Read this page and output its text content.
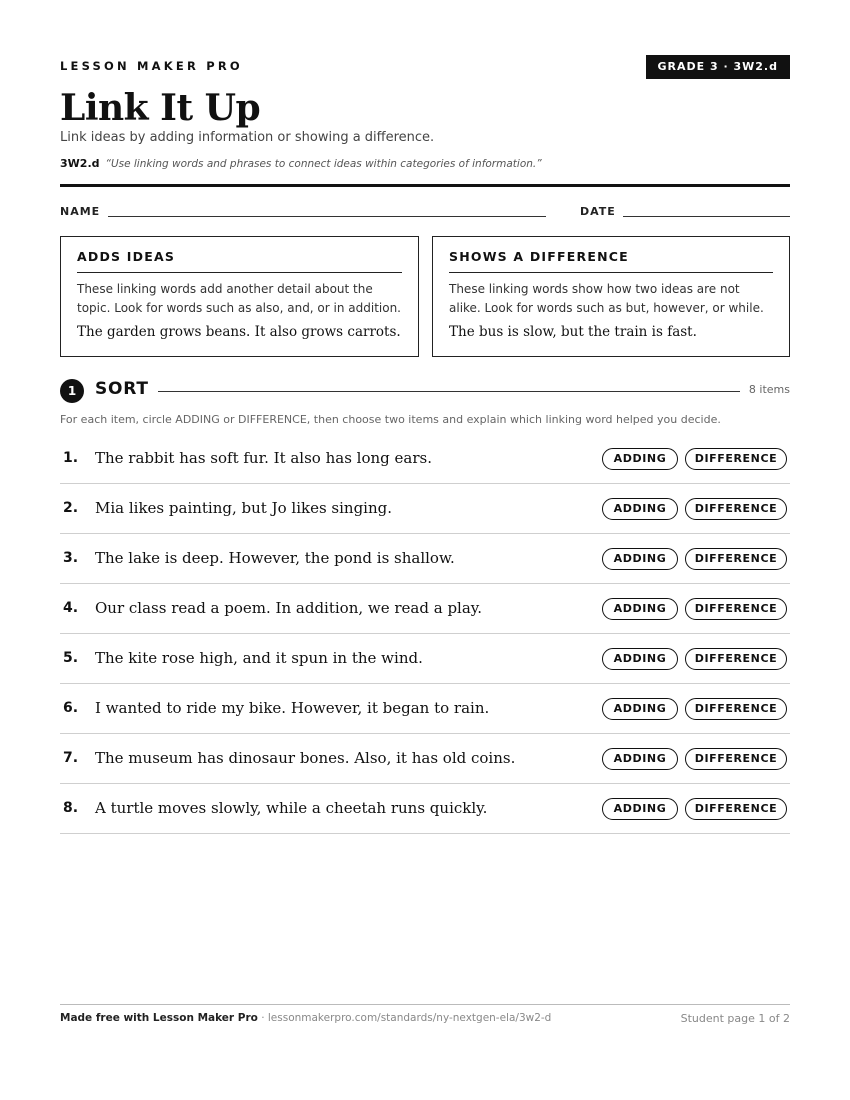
LESSON MAKER PRO	GRADE 3 · 3W2.d
Link It Up
Link ideas by adding information or showing a difference.
3W2.d “Use linking words and phrases to connect ideas within categories of information.”
NAME	DATE
ADDS IDEAS
These linking words add another detail about the topic. Look for words such as also, and, or in addition.
The garden grows beans. It also grows carrots.
SHOWS A DIFFERENCE
These linking words show how two ideas are not alike. Look for words such as but, however, or while.
The bus is slow, but the train is fast.
1	SORT	8 items
For each item, circle ADDING or DIFFERENCE, then choose two items and explain which linking word helped you decide.
1. The rabbit has soft fur. It also has long ears.	ADDING	DIFFERENCE
2. Mia likes painting, but Jo likes singing.	ADDING	DIFFERENCE
3. The lake is deep. However, the pond is shallow.	ADDING	DIFFERENCE
4. Our class read a poem. In addition, we read a play.	ADDING	DIFFERENCE
5. The kite rose high, and it spun in the wind.	ADDING	DIFFERENCE
6. I wanted to ride my bike. However, it began to rain.	ADDING	DIFFERENCE
7. The museum has dinosaur bones. Also, it has old coins.	ADDING	DIFFERENCE
8. A turtle moves slowly, while a cheetah runs quickly.	ADDING	DIFFERENCE
Made free with Lesson Maker Pro · lessonmakerpro.com/standards/ny-nextgen-ela/3w2-d	Student page 1 of 2
